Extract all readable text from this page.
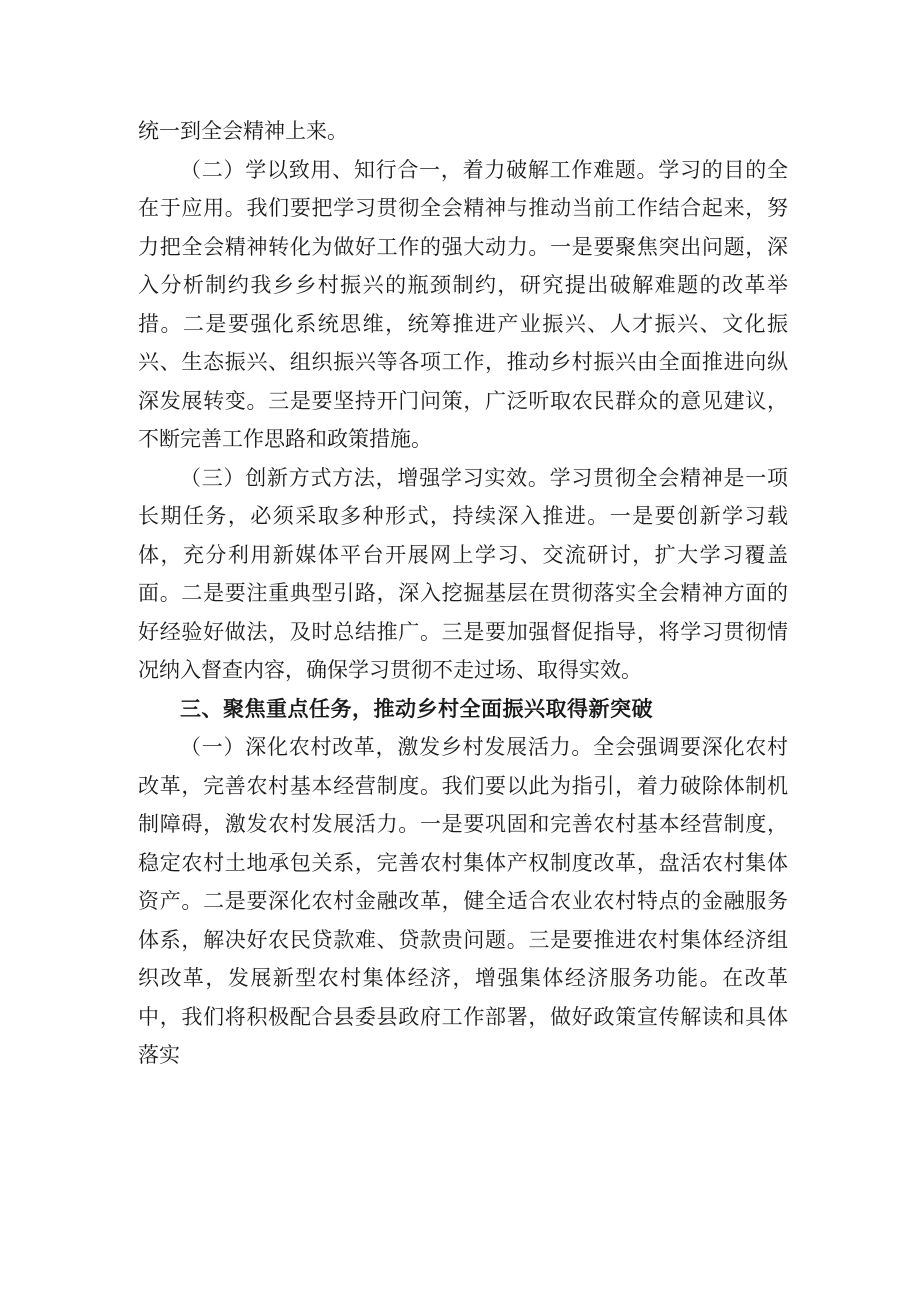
统一到全会精神上来。

（二）学以致用、知行合一，着力破解工作难题。学习的目的全在于应用。我们要把学习贯彻全会精神与推动当前工作结合起来，努力把全会精神转化为做好工作的强大动力。一是要聚焦突出问题，深入分析制约我乡乡村振兴的瓶颈制约，研究提出破解难题的改革举措。二是要强化系统思维，统筹推进产业振兴、人才振兴、文化振兴、生态振兴、组织振兴等各项工作，推动乡村振兴由全面推进向纵深发展转变。三是要坚持开门问策，广泛听取农民群众的意见建议，不断完善工作思路和政策措施。

（三）创新方式方法，增强学习实效。学习贯彻全会精神是一项长期任务，必须采取多种形式，持续深入推进。一是要创新学习载体，充分利用新媒体平台开展网上学习、交流研讨，扩大学习覆盖面。二是要注重典型引路，深入挖掘基层在贯彻落实全会精神方面的好经验好做法，及时总结推广。三是要加强督促指导，将学习贯彻情况纳入督查内容，确保学习贯彻不走过场、取得实效。

三、聚焦重点任务，推动乡村全面振兴取得新突破

（一）深化农村改革，激发乡村发展活力。全会强调要深化农村改革，完善农村基本经营制度。我们要以此为指引，着力破除体制机制障碍，激发农村发展活力。一是要巩固和完善农村基本经营制度，稳定农村土地承包关系，完善农村集体产权制度改革，盘活农村集体资产。二是要深化农村金融改革，健全适合农业农村特点的金融服务体系，解决好农民贷款难、贷款贵问题。三是要推进农村集体经济组织改革，发展新型农村集体经济，增强集体经济服务功能。在改革中，我们将积极配合县委县政府工作部署，做好政策宣传解读和具体落实
